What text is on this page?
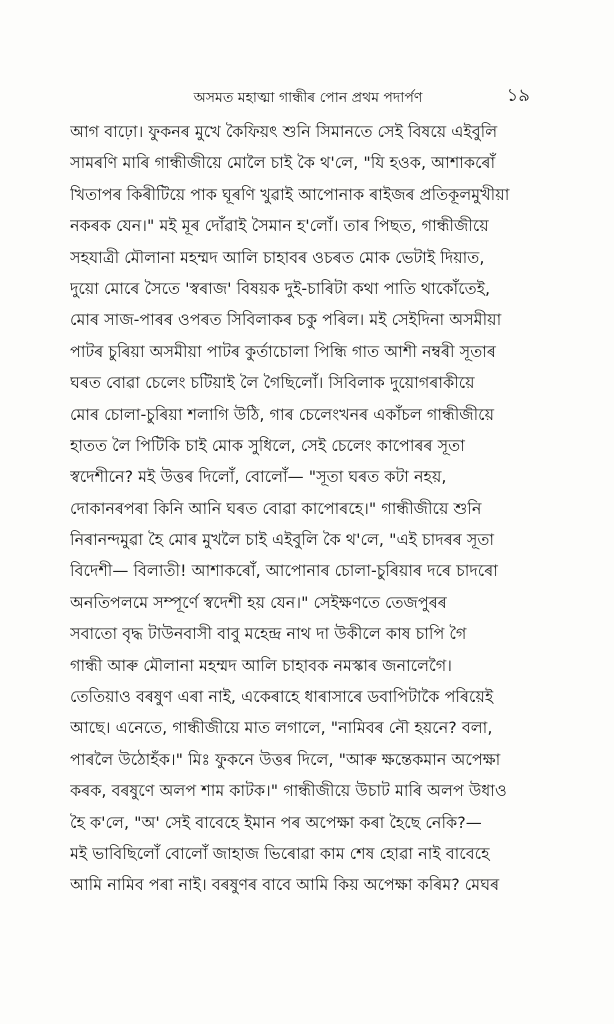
অসমত মহাত্মা গান্ধীৰ পোন প্ৰথম পদাৰ্পণ	১৯
আগ বাঢ়ো। ফুকনৰ মুখে কৈফিয়ৎ শুনি সিমানতে সেই বিষয়ে এইবুলি
সামৰণি মাৰি গান্ধীজীয়ে মোলৈ চাই কৈ থ'লে, "যি হওক, আশাকৰোঁ
খিতাপৰ কিৰীটিয়ে পাক ঘূৰণি খুৱাই আপোনাক ৰাইজৰ প্ৰতিকূলমুখীয়া
নকৰক যেন।" মই মূৰ দোঁৱাই সৈমান হ'লোঁ। তাৰ পিছত, গান্ধীজীয়ে
সহযাত্ৰী মৌলানা মহম্মদ আলি চাহাবৰ ওচৰত মোক ভেটাই দিয়াত,
দুয়ো মোৰে সৈতে 'স্বৰাজ' বিষয়ক দুই-চাৰিটা কথা পাতি থাকোঁতেই,
মোৰ সাজ-পাৰৰ ওপৰত সিবিলাকৰ চকু পৰিল। মই সেইদিনা অসমীয়া
পাটৰ চুৰিয়া অসমীয়া পাটৰ কুৰ্তাচোলা পিন্ধি গাত আশী নম্বৰী সূতাৰ
ঘৰত বোৱা চেলেং চটিয়াই লৈ গৈছিলোঁ। সিবিলাক দুয়োগৰাকীয়ে
মোৰ চোলা-চুৰিয়া শলাগি উঠি, গাৰ চেলেংখনৰ একাঁচল গান্ধীজীয়ে
হাতত লৈ পিটিকি চাই মোক সুধিলে, সেই চেলেং কাপোৰৰ সূতা
স্বদেশীনে? মই উত্তৰ দিলোঁ, বোলোঁ— "সূতা ঘৰত কটা নহয়,
দোকানৰপৰা কিনি আনি ঘৰত বোৱা কাপোৰহে।" গান্ধীজীয়ে শুনি
নিৰানন্দমুৱা হৈ মোৰ মুখলৈ চাই এইবুলি কৈ থ'লে, "এই চাদৰৰ সূতা
বিদেশী— বিলাতী! আশাকৰোঁ, আপোনাৰ চোলা-চুৰিয়াৰ দৰে চাদৰো
অনতিপলমে সম্পূৰ্ণে স্বদেশী হয় যেন।" সেইক্ষণতে তেজপুৰৰ
সবাতো বৃদ্ধ টাউনবাসী বাবু মহেন্দ্ৰ নাথ দা উকীলে কাষ চাপি গৈ
গান্ধী আৰু মৌলানা মহম্মদ আলি চাহাবক নমস্কাৰ জনালেগৈ।
তেতিয়াও বৰষুণ এৰা নাই, একেৰাহে ধাৰাসাৰে ডবাপিটাকৈ পৰিয়েই
আছে। এনেতে, গান্ধীজীয়ে মাত লগালে, "নামিবৰ নৌ হয়নে? বলা,
পাৰলৈ উঠোহঁক।" মিঃ ফুকনে উত্তৰ দিলে, "আৰু ক্ষন্তেকমান অপেক্ষা
কৰক, বৰষুণে অলপ শাম কাটক।" গান্ধীজীয়ে উচাট মাৰি অলপ উধাও
হৈ ক'লে, "অ' সেই বাবেহে ইমান পৰ অপেক্ষা কৰা হৈছে নেকি?—
মই ভাবিছিলোঁ বোলোঁ জাহাজ ভিৰোৱা কাম শেষ হোৱা নাই বাবেহে
আমি নামিব পৰা নাই। বৰষুণৰ বাবে আমি কিয় অপেক্ষা কৰিম? মেঘৰ
